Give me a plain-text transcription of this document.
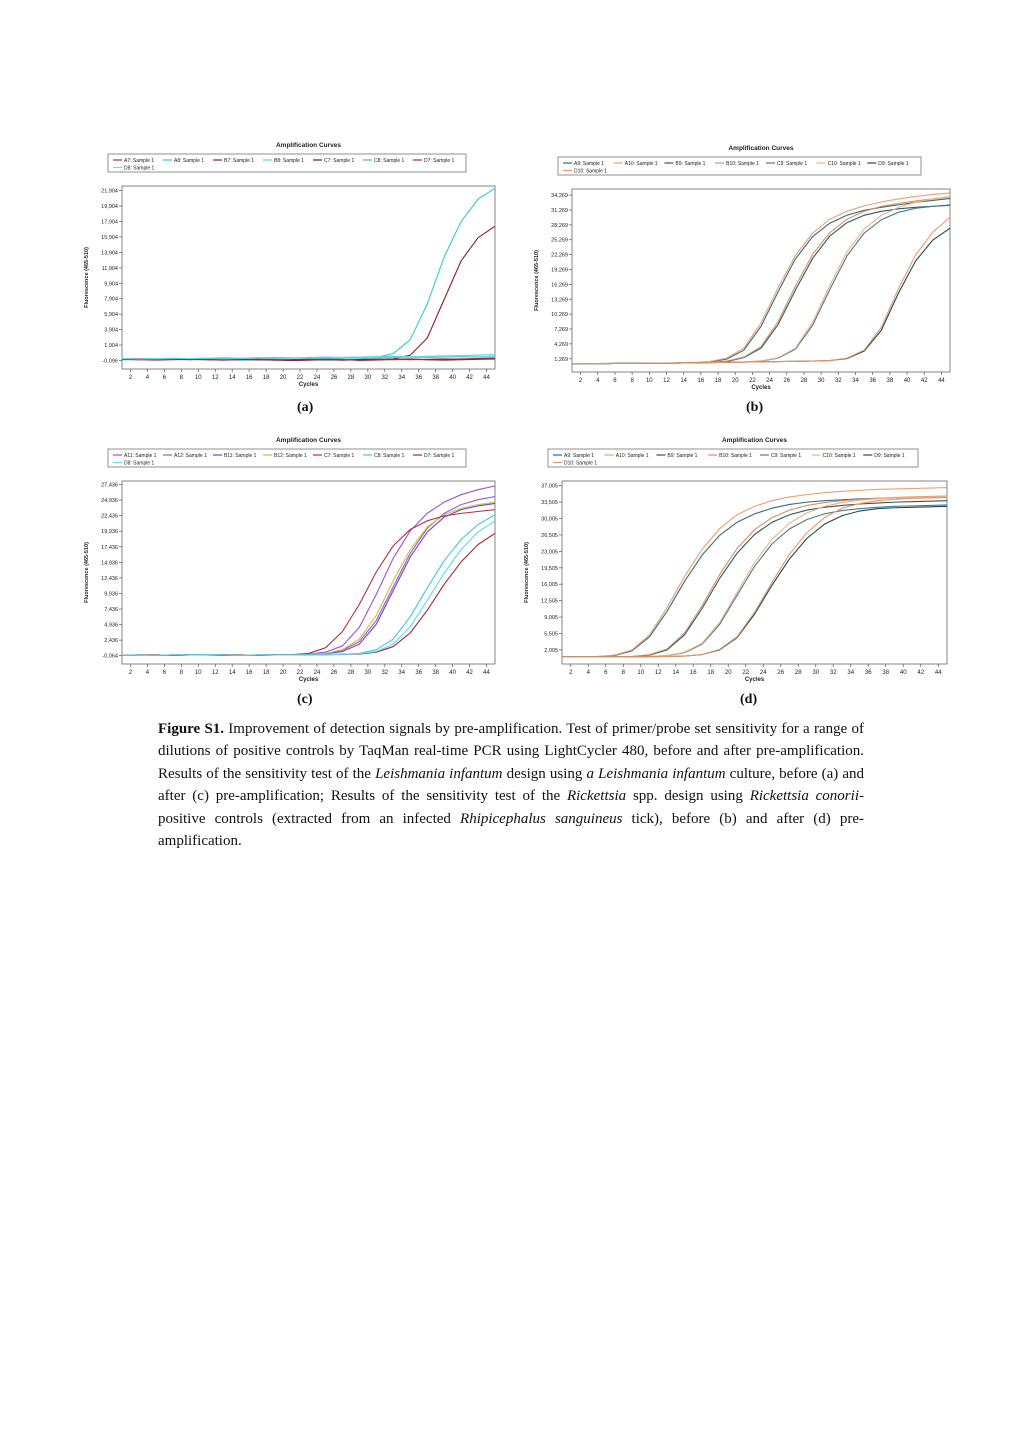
Amplification Curves
A7: Sample 1	A8: Sample 1	B7: Sample 1	B8: Sample 1	C7: Sample 1	C8: Sample 1	D7: Sample 1
D8: Sample 1
21,904
19,904
17,904
15,904
13,904
11,904
9,904
7,904
5,904
3,904
1,904
-0,096
2 4 6 8 10 12 14 16 18 20 22 24 26 28 30 32 34 36 38 40 42 44
Cycles
Fluorescence (465-510)
(a)
Amplification Curves
A9: Sample 1	A10: Sample 1	B9: Sample 1	B10: Sample 1	C9: Sample 1	C10: Sample 1	D9: Sample 1
D10: Sample 1
34,269
31,269
28,269
25,269
22,269
19,269
16,269
13,269
10,269
7,269
4,269
1,269
2 4 6 8 10 12 14 16 18 20 22 24 26 28 30 32 34 36 38 40 42 44
Cycles
Fluorescence (465-510)
(b)
Amplification Curves
A11: Sample 1	A12: Sample 1	B11: Sample 1	B12: Sample 1	C7: Sample 1	C8: Sample 1	D7: Sample 1
D8: Sample 1
27,436
24,936
22,436
19,936
17,436
14,936
12,436
9,936
7,436
4,936
2,436
-0,064
2 4 6 8 10 12 14 16 18 20 22 24 26 28 30 32 34 36 38 40 42 44
Cycles
Fluorescence (465-510)
(c)
Amplification Curves
A9: Sample 1	A10: Sample 1	B9: Sample 1	B10: Sample 1	C9: Sample 1	C10: Sample 1	D9: Sample 1
D10: Sample 1
37,005
33,505
30,005
26,505
23,005
19,505
16,005
12,505
9,005
5,505
2,005
2 4 6 8 10 12 14 16 18 20 22 24 26 28 30 32 34 36 38 40 42 44
Cycles
Fluorescence (465-510)
(d)
Figure S1. Improvement of detection signals by pre-amplification. Test of primer/probe set sensitivity for a range of dilutions of positive controls by TaqMan real-time PCR using LightCycler 480, before and after pre-amplification. Results of the sensitivity test of the Leishmania infantum design using a Leishmania infantum culture, before (a) and after (c) pre-amplification; Results of the sensitivity test of the Rickettsia spp. design using Rickettsia conorii-positive controls (extracted from an infected Rhipicephalus sanguineus tick), before (b) and after (d) pre-amplification.
